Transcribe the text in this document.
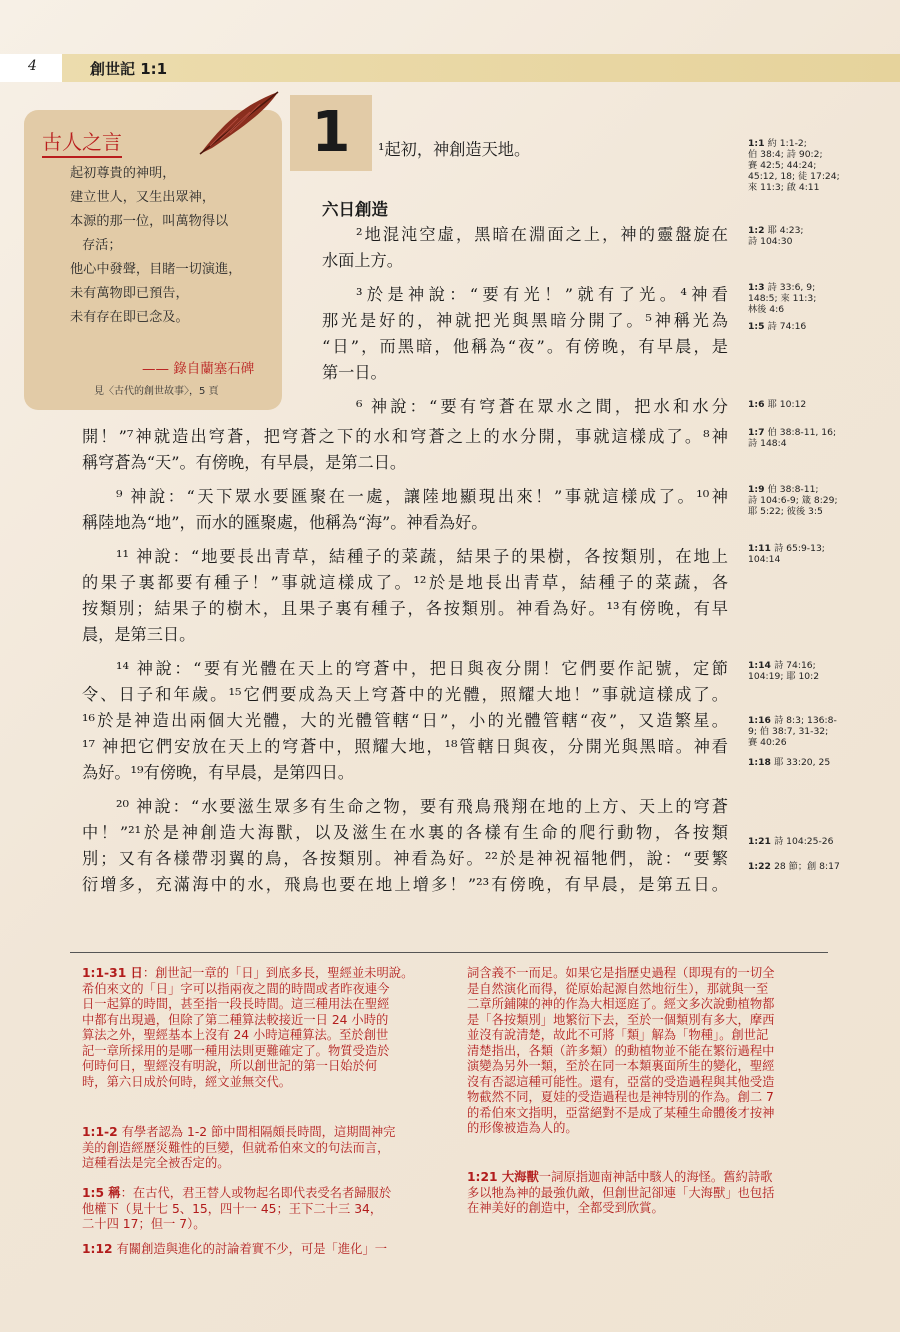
4	創世記 1:1
古人之言
起初尊貴的神明，
建立世人，又生出眾神，
本源的那一位，叫萬物得以
存活；
他心中發聲，目睹一切演進，
未有萬物即已預告，
未有存在即已念及。
—— 錄自蘭塞石碑
見〈古代的創世故事〉，5 頁
1
六日創造
¹起初，神創造天地。
²地混沌空虛，黑暗在淵面之上，神的靈盤旋在
水面上方。
³於是神說：“要有光！”就有了光。⁴神看
那光是好的，神就把光與黑暗分開了。⁵神稱光為
“日”，而黑暗，他稱為“夜”。有傍晚，有早晨，是
第一日。
⁶ 神說：“要有穹蒼在眾水之間，把水和水分
開！”⁷神就造出穹蒼，把穹蒼之下的水和穹蒼之上的水分開，事就這樣成了。⁸神
稱穹蒼為“天”。有傍晚，有早晨，是第二日。
⁹ 神說：“天下眾水要匯聚在一處，讓陸地顯現出來！”事就這樣成了。¹⁰神
稱陸地為“地”，而水的匯聚處，他稱為“海”。神看為好。
¹¹ 神說：“地要長出青草，結種子的菜蔬，結果子的果樹，各按類別，在地上
的果子裏都要有種子！”事就這樣成了。¹²於是地長出青草，結種子的菜蔬，各
按類別；結果子的樹木，且果子裏有種子，各按類別。神看為好。¹³有傍晚，有早
晨，是第三日。
¹⁴ 神說：“要有光體在天上的穹蒼中，把日與夜分開！它們要作記號，定節
令、日子和年歲。¹⁵它們要成為天上穹蒼中的光體，照耀大地！”事就這樣成了。
¹⁶於是神造出兩個大光體，大的光體管轄“日”，小的光體管轄“夜”，又造繁星。
¹⁷ 神把它們安放在天上的穹蒼中，照耀大地，¹⁸管轄日與夜，分開光與黑暗。神看
為好。¹⁹有傍晚，有早晨，是第四日。
²⁰ 神說：“水要滋生眾多有生命之物，要有飛鳥飛翔在地的上方、天上的穹蒼
中！”²¹於是神創造大海獸，以及滋生在水裏的各樣有生命的爬行動物，各按類
別；又有各樣帶羽翼的鳥，各按類別。神看為好。²²於是神祝福牠們，說：“要繁
衍增多，充滿海中的水，飛鳥也要在地上增多！”²³有傍晚，有早晨，是第五日。
1:1 約 1:1-2;
伯 38:4; 詩 90:2;
賽 42:5; 44:24;
45:12, 18; 徒 17:24;
來 11:3; 啟 4:11
1:2 耶 4:23;
詩 104:30
1:3 詩 33:6, 9;
148:5; 來 11:3;
林後 4:6
1:5 詩 74:16
1:6 耶 10:12
1:7 伯 38:8-11, 16;
詩 148:4
1:9 伯 38:8-11;
詩 104:6-9; 箴 8:29;
耶 5:22; 彼後 3:5
1:11 詩 65:9-13;
104:14
1:14 詩 74:16;
104:19; 耶 10:2
1:16 詩 8:3; 136:8-
9; 伯 38:7, 31-32;
賽 40:26
1:18 耶 33:20, 25
1:21 詩 104:25-26
1:22 28 節；創 8:17
1:1-31 日：創世記一章的「日」到底多長，聖經並未明說。
希伯來文的「日」字可以指兩夜之間的時間或者昨夜連今
日一起算的時間，甚至指一段長時間。這三種用法在聖經
中都有出現過，但除了第二種算法較接近一日 24 小時的
算法之外，聖經基本上沒有 24 小時這種算法。至於創世
記一章所採用的是哪一種用法則更難確定了。物質受造於
何時何日，聖經沒有明說，所以創世記的第一日始於何
時，第六日成於何時，經文並無交代。
1:1-2 有學者認為 1-2 節中間相隔頗長時間，這期間神完
美的創造經歷災難性的巨變，但就希伯來文的句法而言，
這種看法是完全被否定的。
1:5 稱：在古代，君王替人或物起名即代表受名者歸服於
他權下（見十七 5、15，四十一 45；王下二十三 34，
二十四 17；但一 7）。
1:12 有關創造與進化的討論着實不少，可是「進化」一
詞含義不一而足。如果它是指歷史過程（即現有的一切全
是自然演化而得，從原始起源自然地衍生），那就與一至
二章所鋪陳的神的作為大相逕庭了。經文多次說動植物都
是「各按類別」地繁衍下去，至於一個類別有多大，摩西
並沒有說清楚，故此不可將「類」解為「物種」。創世記
清楚指出，各類（許多類）的動植物並不能在繁衍過程中
演變為另外一類，至於在同一本類裏面所生的變化，聖經
沒有否認這種可能性。還有，亞當的受造過程與其他受造
物截然不同，夏娃的受造過程也是神特別的作為。創二 7
的希伯來文指明，亞當絕對不是成了某種生命體後才按神
的形像被造為人的。
1:21 大海獸一詞原指迦南神話中駭人的海怪。舊約詩歌
多以牠為神的最強仇敵，但創世記卻連「大海獸」也包括
在神美好的創造中，全都受到欣賞。
